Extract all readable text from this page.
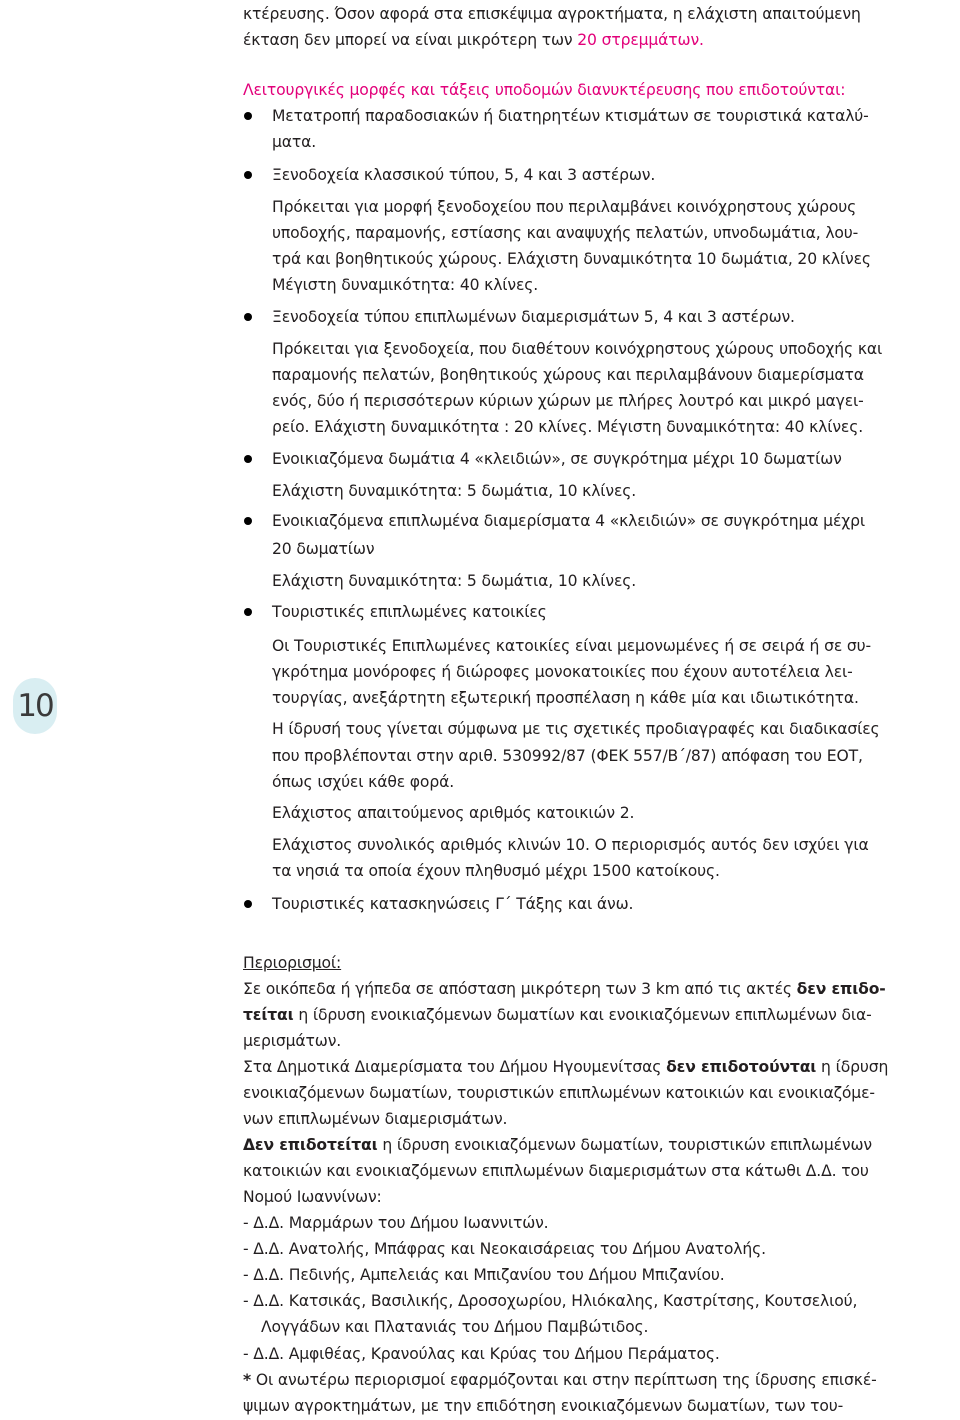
10
κτέρευσης. Όσον αφορά στα επισκέψιμα αγροκτήματα, η ελάχιστη απαιτούμενη
έκταση δεν μπορεί να είναι μικρότερη των 20 στρεμμάτων.
Λειτουργικές μορφές και τάξεις υποδομών διανυκτέρευσης που επιδοτούνται:
Μετατροπή παραδοσιακών ή διατηρητέων κτισμάτων σε τουριστικά καταλύ-
ματα.
Ξενοδοχεία κλασσικού τύπου, 5, 4 και 3 αστέρων.
Πρόκειται για μορφή ξενοδοχείου που περιλαμβάνει κοινόχρηστους χώρους
υποδοχής, παραμονής, εστίασης και αναψυχής πελατών, υπνοδωμάτια, λου-
τρά και βοηθητικούς χώρους. Ελάχιστη δυναμικότητα 10 δωμάτια, 20 κλίνες
Μέγιστη δυναμικότητα: 40 κλίνες.
Ξενοδοχεία τύπου επιπλωμένων διαμερισμάτων 5, 4 και 3 αστέρων.
Πρόκειται για ξενοδοχεία, που διαθέτουν κοινόχρηστους χώρους υποδοχής και
παραμονής πελατών, βοηθητικούς χώρους και περιλαμβάνουν διαμερίσματα
ενός, δύο ή περισσότερων κύριων χώρων με πλήρες λουτρό και μικρό μαγει-
ρείο. Ελάχιστη δυναμικότητα : 20 κλίνες. Μέγιστη δυναμικότητα: 40 κλίνες.
Ενοικιαζόμενα δωμάτια 4 «κλειδιών», σε συγκρότημα μέχρι 10 δωματίων
Ελάχιστη δυναμικότητα: 5 δωμάτια, 10 κλίνες.
Ενοικιαζόμενα επιπλωμένα διαμερίσματα 4 «κλειδιών» σε συγκρότημα μέχρι
20 δωματίων
Ελάχιστη δυναμικότητα: 5 δωμάτια, 10 κλίνες.
Τουριστικές επιπλωμένες κατοικίες
Οι Τουριστικές Επιπλωμένες κατοικίες είναι μεμονωμένες ή σε σειρά ή σε συ-
γκρότημα μονόροφες ή διώροφες μονοκατοικίες που έχουν αυτοτέλεια λει-
τουργίας, ανεξάρτητη εξωτερική προσπέλαση η κάθε μία και ιδιωτικότητα.
Η ίδρυσή τους γίνεται σύμφωνα με τις σχετικές προδιαγραφές και διαδικασίες
που προβλέπονται στην αριθ. 530992/87 (ΦΕΚ 557/Β΄/87) απόφαση του ΕΟΤ,
όπως ισχύει κάθε φορά.
Ελάχιστος απαιτούμενος αριθμός κατοικιών 2.
Ελάχιστος συνολικός αριθμός κλινών 10. Ο περιορισμός αυτός δεν ισχύει για
τα νησιά τα οποία έχουν πληθυσμό μέχρι 1500 κατοίκους.
Τουριστικές κατασκηνώσεις Γ΄ Τάξης και άνω.
Περιορισμοί:
Σε οικόπεδα ή γήπεδα σε απόσταση μικρότερη των 3 km από τις ακτές δεν επιδο-
τείται η ίδρυση ενοικιαζόμενων δωματίων και ενοικιαζόμενων επιπλωμένων δια-
μερισμάτων.
Στα Δημοτικά Διαμερίσματα του Δήμου Ηγουμενίτσας δεν επιδοτούνται η ίδρυση
ενοικιαζόμενων δωματίων, τουριστικών επιπλωμένων κατοικιών και ενοικιαζόμε-
νων επιπλωμένων διαμερισμάτων.
Δεν επιδοτείται η ίδρυση ενοικιαζόμενων δωματίων, τουριστικών επιπλωμένων
κατοικιών και ενοικιαζόμενων επιπλωμένων διαμερισμάτων στα κάτωθι Δ.Δ. του
Νομού Ιωαννίνων:
- Δ.Δ. Μαρμάρων του Δήμου Ιωαννιτών.
- Δ.Δ. Ανατολής, Μπάφρας και Νεοκαισάρειας του Δήμου Ανατολής.
- Δ.Δ. Πεδινής, Αμπελειάς και Μπιζανίου του Δήμου Μπιζανίου.
- Δ.Δ. Κατσικάς, Βασιλικής, Δροσοχωρίου, Ηλιόκαλης, Καστρίτσης, Κουτσελιού,
Λογγάδων και Πλατανιάς του Δήμου Παμβώτιδος.
- Δ.Δ. Αμφιθέας, Κρανούλας και Κρύας του Δήμου Περάματος.
* Οι ανωτέρω περιορισμοί εφαρμόζονται και στην περίπτωση της ίδρυσης επισκέ-
ψιμων αγροκτημάτων, με την επιδότηση ενοικιαζόμενων δωματίων, των του-
